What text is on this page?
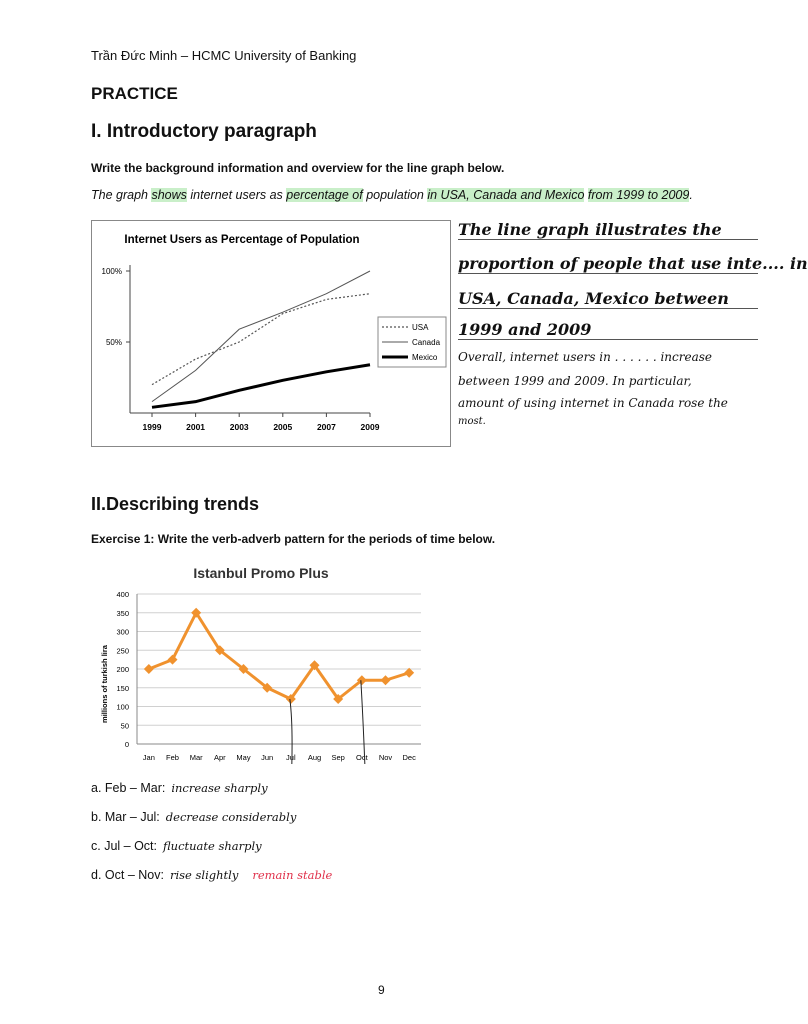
Trần Đức Minh – HCMC University of Banking
PRACTICE
I. Introductory paragraph
Write the background information and overview for the line graph below.
The graph shows internet users as percentage of population in USA, Canada and Mexico from 1999 to 2009.
Internet Users as Percentage of Population
100%
50%
1999	2001	2003	2005	2007	2009
USA
Canada
Mexico
The line graph illustrates the
proportion of people that use inte.... in
USA, Canada, Mexico between
1999 and 2009
Overall, internet users in . . . . . . increase
between 1999 and 2009. In particular,
amount of using internet in Canada rose the
most.
II.Describing trends
Exercise 1: Write the verb-adverb pattern for the periods of time below.
Istanbul Promo Plus
millions of turkish lira
0
50
100
150
200
250
300
350
400
Jan Feb Mar Apr May Jun Jul Aug Sep Oct Nov Dec
a. Feb – Mar: increase sharply
b. Mar – Jul: decrease considerably
c. Jul – Oct: fluctuate sharply
d. Oct – Nov: rise slightly remain stable
9
